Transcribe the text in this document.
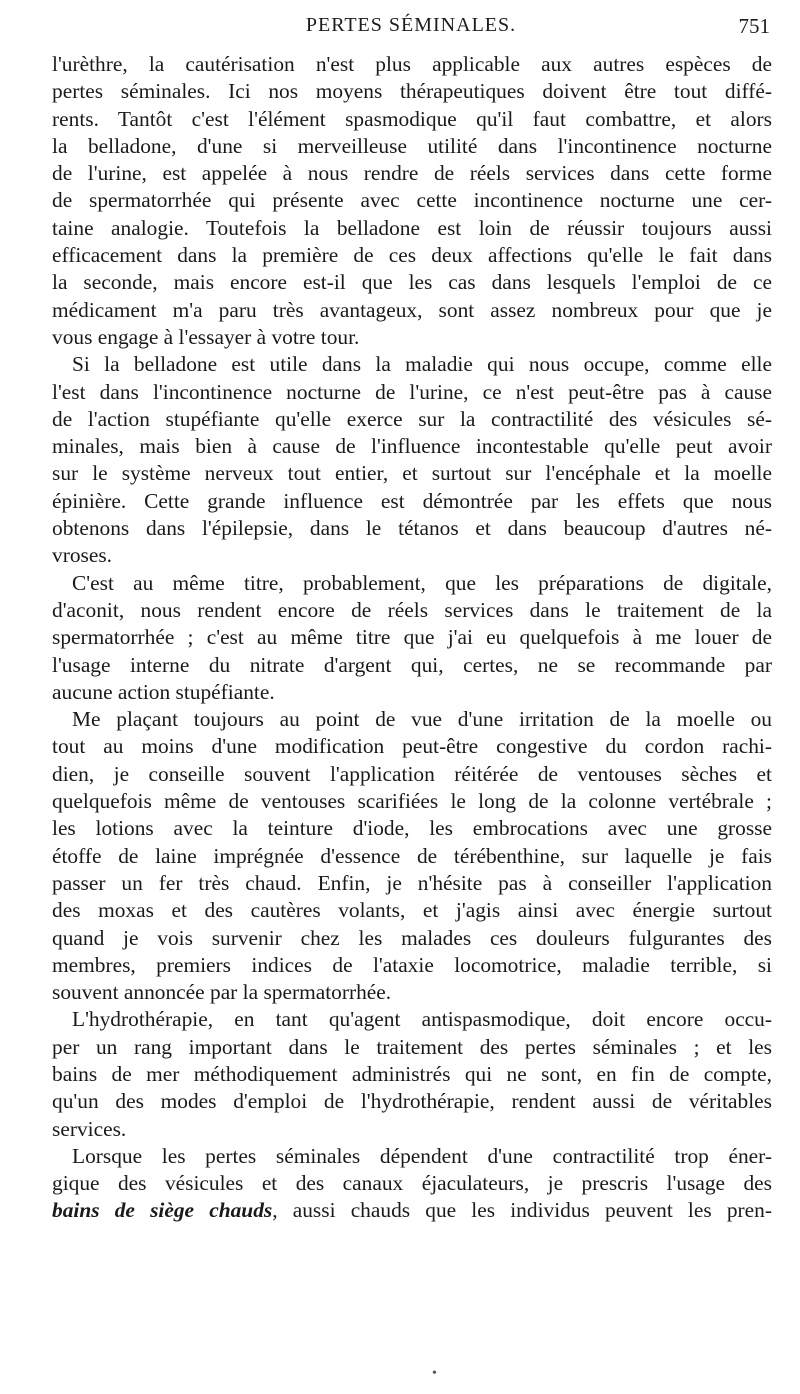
PERTES SÉMINALES.	751
l'urèthre, la cautérisation n'est plus applicable aux autres espèces de
pertes séminales. Ici nos moyens thérapeutiques doivent être tout diffé-
rents. Tantôt c'est l'élément spasmodique qu'il faut combattre, et alors
la belladone, d'une si merveilleuse utilité dans l'incontinence nocturne
de l'urine, est appelée à nous rendre de réels services dans cette forme
de spermatorrhée qui présente avec cette incontinence nocturne une cer-
taine analogie. Toutefois la belladone est loin de réussir toujours aussi
efficacement dans la première de ces deux affections qu'elle le fait dans
la seconde, mais encore est-il que les cas dans lesquels l'emploi de ce
médicament m'a paru très avantageux, sont assez nombreux pour que je
vous engage à l'essayer à votre tour.
Si la belladone est utile dans la maladie qui nous occupe, comme elle
l'est dans l'incontinence nocturne de l'urine, ce n'est peut-être pas à cause
de l'action stupéfiante qu'elle exerce sur la contractilité des vésicules sé-
minales, mais bien à cause de l'influence incontestable qu'elle peut avoir
sur le système nerveux tout entier, et surtout sur l'encéphale et la moelle
épinière. Cette grande influence est démontrée par les effets que nous
obtenons dans l'épilepsie, dans le tétanos et dans beaucoup d'autres né-
vroses.
C'est au même titre, probablement, que les préparations de digitale,
d'aconit, nous rendent encore de réels services dans le traitement de la
spermatorrhée ; c'est au même titre que j'ai eu quelquefois à me louer de
l'usage interne du nitrate d'argent qui, certes, ne se recommande par
aucune action stupéfiante.
Me plaçant toujours au point de vue d'une irritation de la moelle ou
tout au moins d'une modification peut-être congestive du cordon rachi-
dien, je conseille souvent l'application réitérée de ventouses sèches et
quelquefois même de ventouses scarifiées le long de la colonne vertébrale ;
les lotions avec la teinture d'iode, les embrocations avec une grosse
étoffe de laine imprégnée d'essence de térébenthine, sur laquelle je fais
passer un fer très chaud. Enfin, je n'hésite pas à conseiller l'application
des moxas et des cautères volants, et j'agis ainsi avec énergie surtout
quand je vois survenir chez les malades ces douleurs fulgurantes des
membres, premiers indices de l'ataxie locomotrice, maladie terrible, si
souvent annoncée par la spermatorrhée.
L'hydrothérapie, en tant qu'agent antispasmodique, doit encore occu-
per un rang important dans le traitement des pertes séminales ; et les
bains de mer méthodiquement administrés qui ne sont, en fin de compte,
qu'un des modes d'emploi de l'hydrothérapie, rendent aussi de véritables
services.
Lorsque les pertes séminales dépendent d'une contractilité trop éner-
gique des vésicules et des canaux éjaculateurs, je prescris l'usage des
bains de siège chauds, aussi chauds que les individus peuvent les pren-
•
